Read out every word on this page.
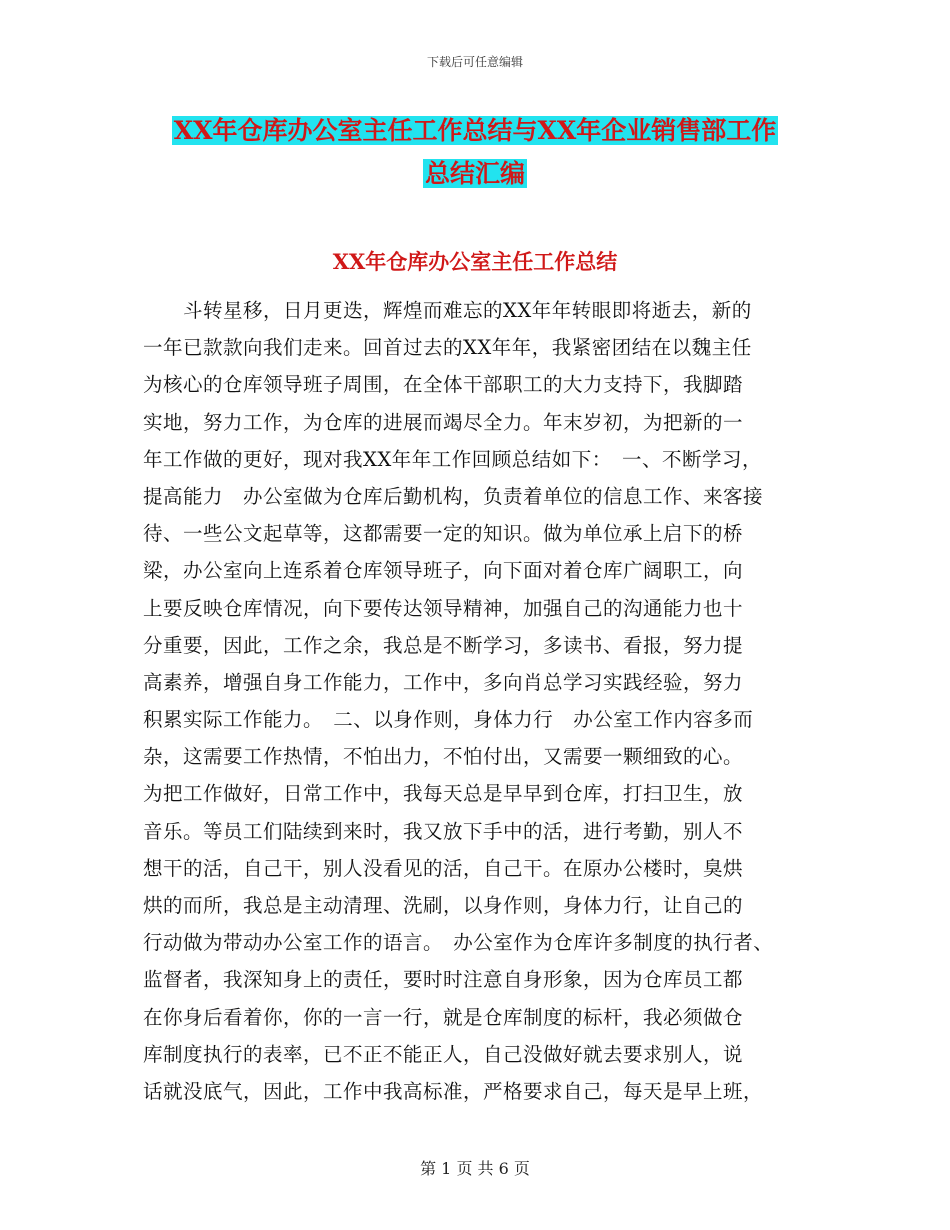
下载后可任意编辑
XX年仓库办公室主任工作总结与XX年企业销售部工作
总结汇编
XX年仓库办公室主任工作总结
　　斗转星移，日月更迭，辉煌而难忘的XX年年转眼即将逝去，新的
一年已款款向我们走来。回首过去的XX年年，我紧密团结在以魏主任
为核心的仓库领导班子周围，在全体干部职工的大力支持下，我脚踏
实地，努力工作，为仓库的进展而竭尽全力。年末岁初，为把新的一
年工作做的更好，现对我XX年年工作回顾总结如下：　一、不断学习，
提高能力　办公室做为仓库后勤机构，负责着单位的信息工作、来客接
待、一些公文起草等，这都需要一定的知识。做为单位承上启下的桥
梁，办公室向上连系着仓库领导班子，向下面对着仓库广阔职工，向
上要反映仓库情况，向下要传达领导精神，加强自己的沟通能力也十
分重要，因此，工作之余，我总是不断学习，多读书、看报，努力提
高素养，增强自身工作能力，工作中，多向肖总学习实践经验，努力
积累实际工作能力。　二、以身作则，身体力行　办公室工作内容多而
杂，这需要工作热情，不怕出力，不怕付出，又需要一颗细致的心。
为把工作做好，日常工作中，我每天总是早早到仓库，打扫卫生，放
音乐。等员工们陆续到来时，我又放下手中的活，进行考勤，别人不
想干的活，自己干，别人没看见的活，自己干。在原办公楼时，臭烘
烘的而所，我总是主动清理、洗刷，以身作则，身体力行，让自己的
行动做为带动办公室工作的语言。　办公室作为仓库许多制度的执行者、
监督者，我深知身上的责任，要时时注意自身形象，因为仓库员工都
在你身后看着你，你的一言一行，就是仓库制度的标杆，我必须做仓
库制度执行的表率，已不正不能正人，自己没做好就去要求别人，说
话就没底气，因此，工作中我高标准，严格要求自己，每天是早上班，
第 1 页 共 6 页
